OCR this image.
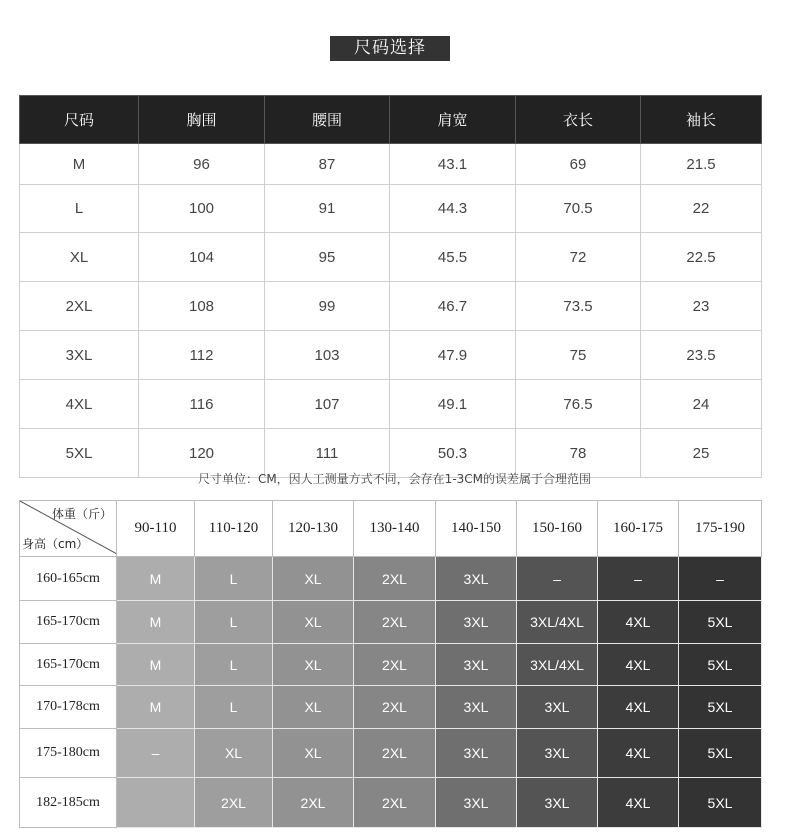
尺码选择
尺码	胸围	腰围	肩宽	衣长	袖长
M	96	87	43.1	69	21.5
L	100	91	44.3	70.5	22
XL	104	95	45.5	72	22.5
2XL	108	99	46.7	73.5	23
3XL	112	103	47.9	75	23.5
4XL	116	107	49.1	76.5	24
5XL	120	111	50.3	78	25
尺寸单位：CM，因人工测量方式不同，会存在1-3CM的误差属于合理范围
体重（斤）
身高（cm）	90-110	110-120	120-130	130-140	140-150	150-160	160-175	175-190
160-165cm	M	L	XL	2XL	3XL	–	–	–
165-170cm	M	L	XL	2XL	3XL	3XL/4XL	4XL	5XL
165-170cm	M	L	XL	2XL	3XL	3XL/4XL	4XL	5XL
170-178cm	M	L	XL	2XL	3XL	3XL	4XL	5XL
175-180cm	–	XL	XL	2XL	3XL	3XL	4XL	5XL
182-185cm		2XL	2XL	2XL	3XL	3XL	4XL	5XL
